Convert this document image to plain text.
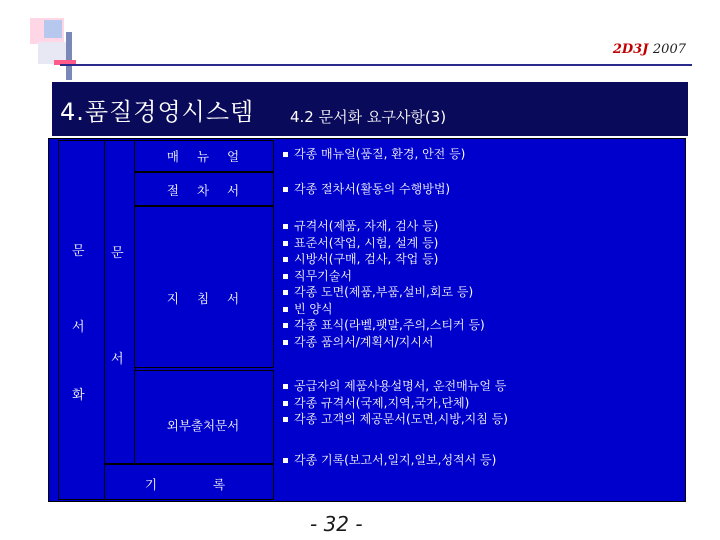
2D3J 2007
4.품질경영시스템 4.2 문서화 요구사항(3)
문
서
화
문
서
매 뉴 얼
절 차 서
지 침 서
외부출처문서
기	록
각종 매뉴얼(품질, 환경, 안전 등)
각종 절차서(활동의 수행방법)
규격서(제품, 자재, 검사 등)
표준서(작업, 시험, 설계 등)
시방서(구매, 검사, 작업 등)
직무기술서
각종 도면(제품,부품,설비,회로 등)
빈 양식
각종 표식(라벨,팻말,주의,스티커 등)
각종 품의서/계획서/지시서
공급자의 제품사용설명서, 운전매뉴얼 등
각종 규격서(국제,지역,국가,단체)
각종 고객의 제공문서(도면,시방,지침 등)
각종 기록(보고서,일지,일보,성적서 등)
- 32 -
